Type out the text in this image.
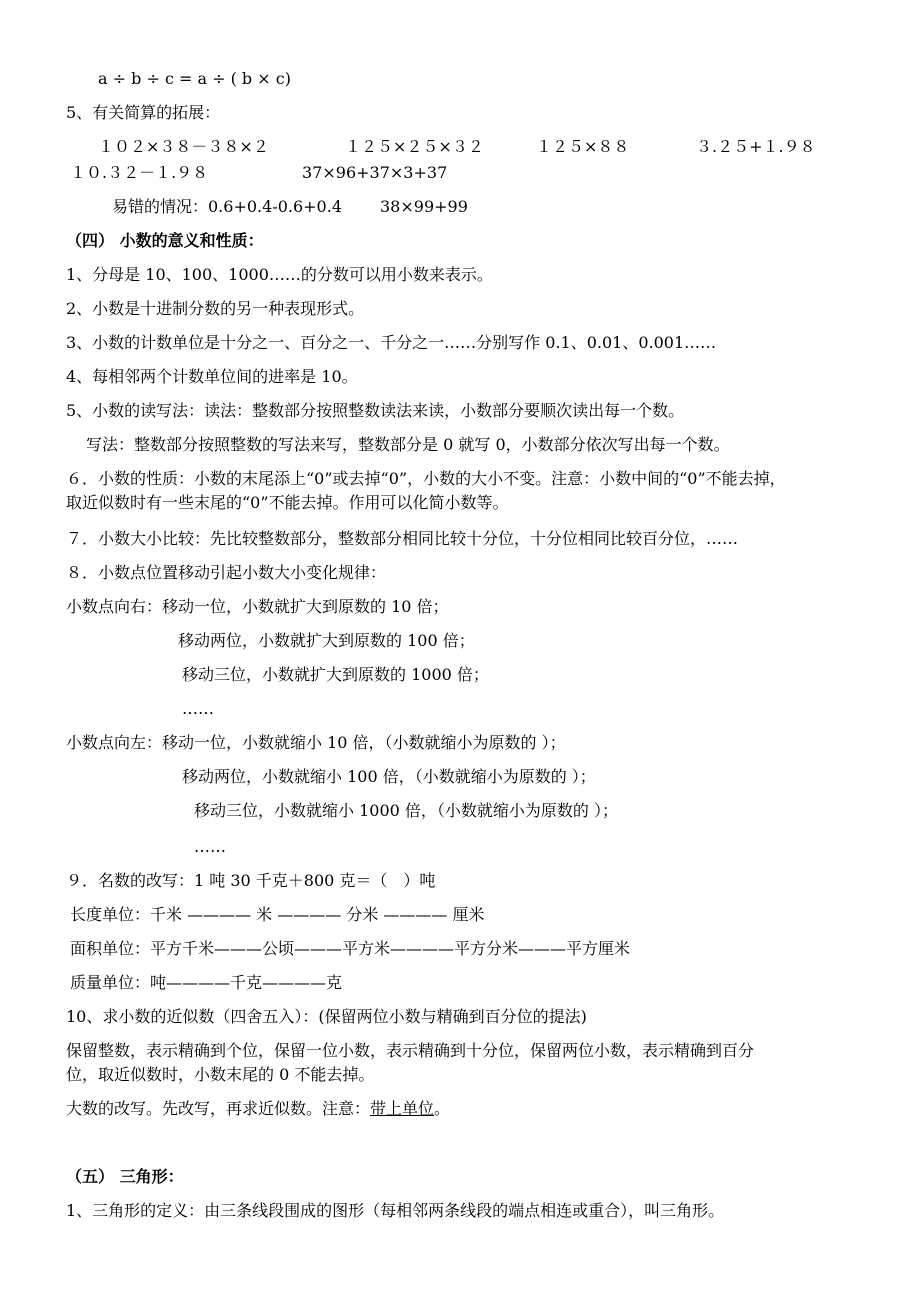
a ÷ b ÷ c = a ÷ ( b × c)
5、有关简算的拓展：
１０２×３８－３８×２	１２５×２５×３２	１２５×８８	３.２５+１.９８
１０.３２－１.９８	37×96+37×3+37
易错的情况：0.6+0.4-0.6+0.4 38×99+99
（四） 小数的意义和性质：
1、分母是 10、100、1000……的分数可以用小数来表示。
2、小数是十进制分数的另一种表现形式。
3、小数的计数单位是十分之一、百分之一、千分之一……分别写作 0.1、0.01、0.001……
4、每相邻两个计数单位间的进率是 10。
5、小数的读写法：读法：整数部分按照整数读法来读，小数部分要顺次读出每一个数。
写法：整数部分按照整数的写法来写，整数部分是 0 就写 0，小数部分依次写出每一个数。
６．小数的性质：小数的末尾添上“0”或去掉“0”，小数的大小不变。注意：小数中间的“0”不能去掉，
取近似数时有一些末尾的“0”不能去掉。作用可以化简小数等。
７．小数大小比较：先比较整数部分，整数部分相同比较十分位，十分位相同比较百分位，……
８．小数点位置移动引起小数大小变化规律：
小数点向右：移动一位，小数就扩大到原数的 10 倍；
移动两位，小数就扩大到原数的 100 倍；
移动三位，小数就扩大到原数的 1000 倍；
……
小数点向左：移动一位，小数就缩小 10 倍，（小数就缩小为原数的 ）；
移动两位，小数就缩小 100 倍，（小数就缩小为原数的 ）；
移动三位，小数就缩小 1000 倍，（小数就缩小为原数的 ）；
……
９．名数的改写：1 吨 30 千克＋800 克＝（　）吨
长度单位：千米 ———— 米 ———— 分米 ———— 厘米
面积单位：平方千米———公顷———平方米————平方分米———平方厘米
质量单位：吨————千克————克
10、求小数的近似数（四舍五入）：(保留两位小数与精确到百分位的提法)
保留整数，表示精确到个位，保留一位小数，表示精确到十分位，保留两位小数，表示精确到百分
位，取近似数时，小数末尾的 0 不能去掉。
大数的改写。先改写，再求近似数。注意：带上单位。
（五） 三角形：
1、三角形的定义：由三条线段围成的图形（每相邻两条线段的端点相连或重合），叫三角形。
